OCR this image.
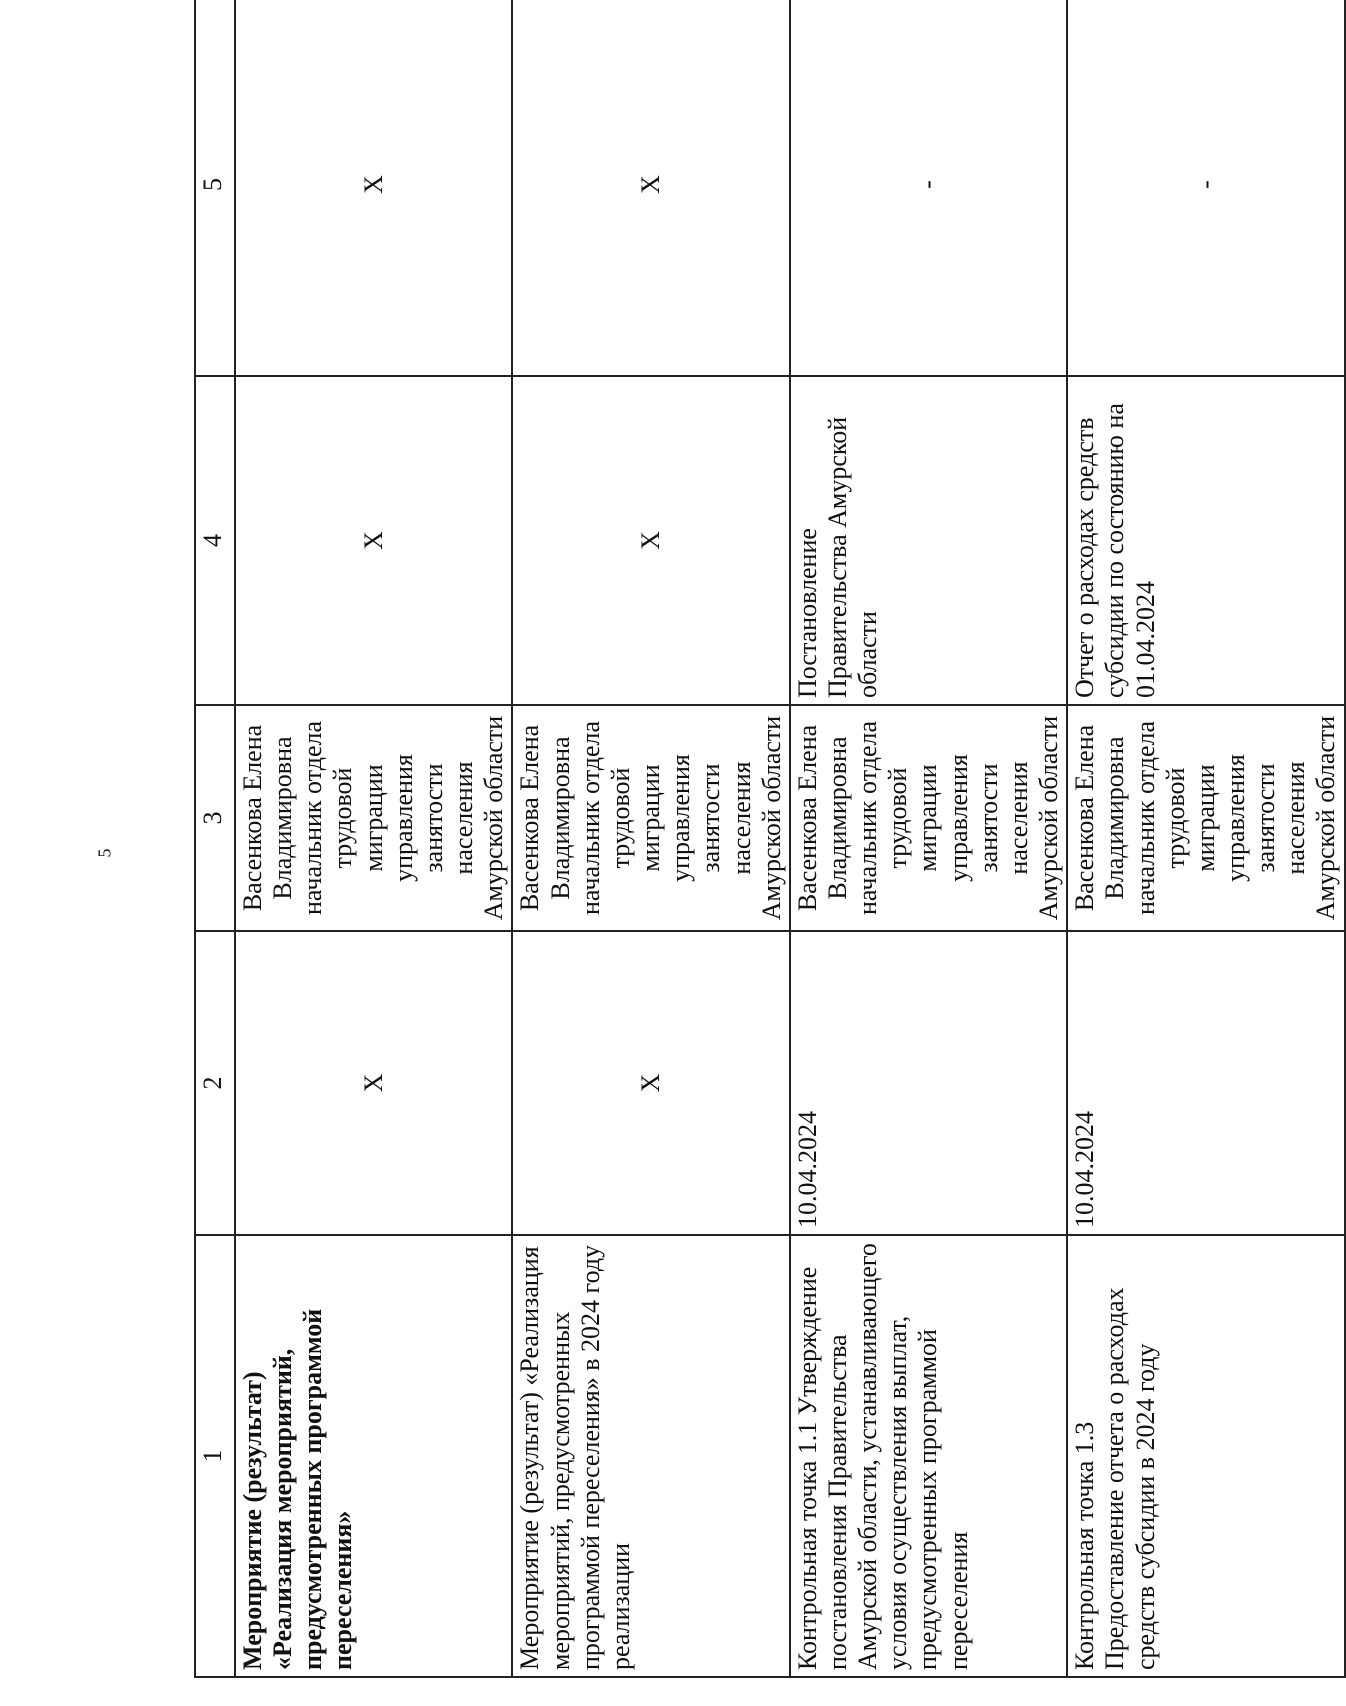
5
1	2	3	4	5
Мероприятие (результат) «Реализация мероприятий, предусмотренных программой переселения»	Х	Васенкова Елена Владимировна начальник отдела трудовой миграции управления занятости населения Амурской области	Х	Х
Мероприятие (результат) «Реализация мероприятий, предусмотренных программой переселения» в 2024 году реализации	Х	Васенкова Елена Владимировна начальник отдела трудовой миграции управления занятости населения Амурской области	Х	Х
Контрольная точка 1.1 Утверждение постановления Правительства Амурской области, устанавливающего условия осуществления выплат, предусмотренных программой переселения	10.04.2024	Васенкова Елена Владимировна начальник отдела трудовой миграции управления занятости населения Амурской области	Постановление Правительства Амурской области	-
Контрольная точка 1.3 Предоставление отчета о расходах средств субсидии в 2024 году	10.04.2024	Васенкова Елена Владимировна начальник отдела трудовой миграции управления занятости населения Амурской области	Отчет о расходах средств субсидии по состоянию на 01.04.2024	-
